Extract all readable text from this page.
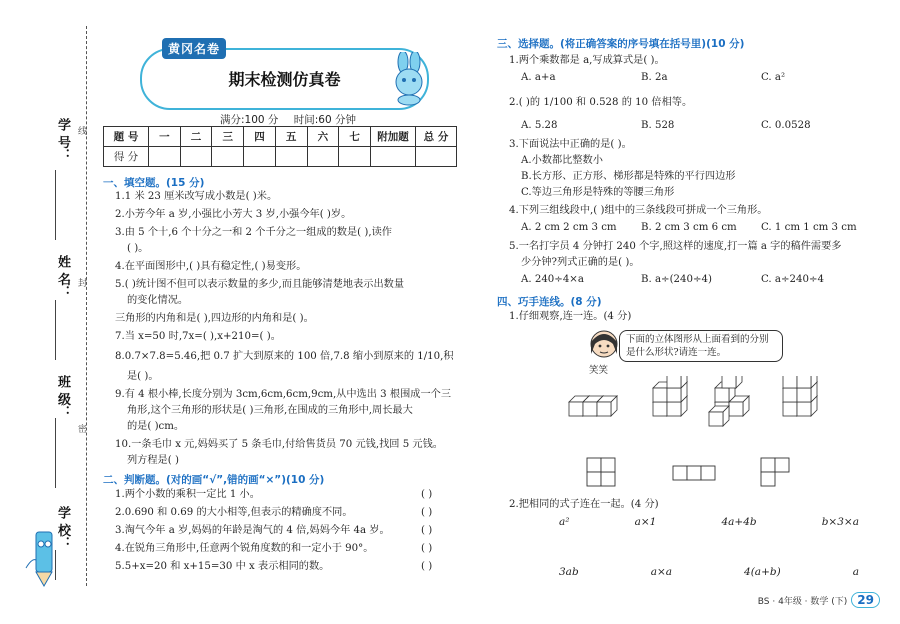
学 号：
姓 名：
班 级：
学 校：
线
封
密
黄冈名卷
期末检测仿真卷
满分:100 分 时间:60 分钟
题 号	一	二	三	四	五	六	七	附加题	总 分
得 分									
一、填空题。(15 分)
1.1 米 23 厘米改写成小数是( )米。
2.小芳今年 a 岁,小强比小芳大 3 岁,小强今年( )岁。
3.由 5 个十,6 个十分之一和 2 个千分之一组成的数是( ),读作
( )。
4.在平面图形中,( )具有稳定性,( )易变形。
5.( )统计图不但可以表示数量的多少,而且能够清楚地表示出数量
的变化情况。
三角形的内角和是( ),四边形的内角和是( )。
7.当 x=50 时,7x=( ),x+210=( )。
8.0.7×7.8=5.46,把 0.7 扩大到原来的 100 倍,7.8 缩小到原来的 1/10,积
是( )。
9.有 4 根小棒,长度分别为 3cm,6cm,6cm,9cm,从中选出 3 根围成一个三
角形,这个三角形的形状是( )三角形,在围成的三角形中,周长最大
的是( )cm。
10.一条毛巾 x 元,妈妈买了 5 条毛巾,付给售货员 70 元钱,找回 5 元钱。
列方程是( )
二、判断题。(对的画“√”,错的画“×”)(10 分)
1.两个小数的乘积一定比 1 小。	( )
2.0.690 和 0.69 的大小相等,但表示的精确度不同。	( )
3.淘气今年 a 岁,妈妈的年龄是淘气的 4 倍,妈妈今年 4a 岁。	( )
4.在锐角三角形中,任意两个锐角度数的和一定小于 90°。	( )
5.5+x=20 和 x+15=30 中 x 表示相同的数。	( )
三、选择题。(将正确答案的序号填在括号里)(10 分)
1.两个乘数都是 a,写成算式是( )。
A. a+a	B. 2a	C. a²
2.( )的 1/100 和 0.528 的 10 倍相等。
A. 5.28	B. 528	C. 0.0528
3.下面说法中正确的是( )。
A.小数都比整数小
B.长方形、正方形、梯形都是特殊的平行四边形
C.等边三角形是特殊的等腰三角形
4.下列三组线段中,( )组中的三条线段可拼成一个三角形。
A. 2 cm 2 cm 3 cm	B. 2 cm 3 cm 6 cm	C. 1 cm 1 cm 3 cm
5.一名打字员 4 分钟打 240 个字,照这样的速度,打一篇 a 字的稿件需要多
少分钟?列式正确的是( )。
A. 240÷4×a	B. a÷(240÷4)	C. a÷240÷4
四、巧手连线。(8 分)
1.仔细观察,连一连。(4 分)
笑笑
下面的立体图形从上面看到的分别是什么形状?请连一连。
2.把相同的式子连在一起。(4 分)
a²	a×1	4a+4b	b×3×a
3ab	a×a	4(a+b)	a
BS · 4年级 · 数学 (下) 29
